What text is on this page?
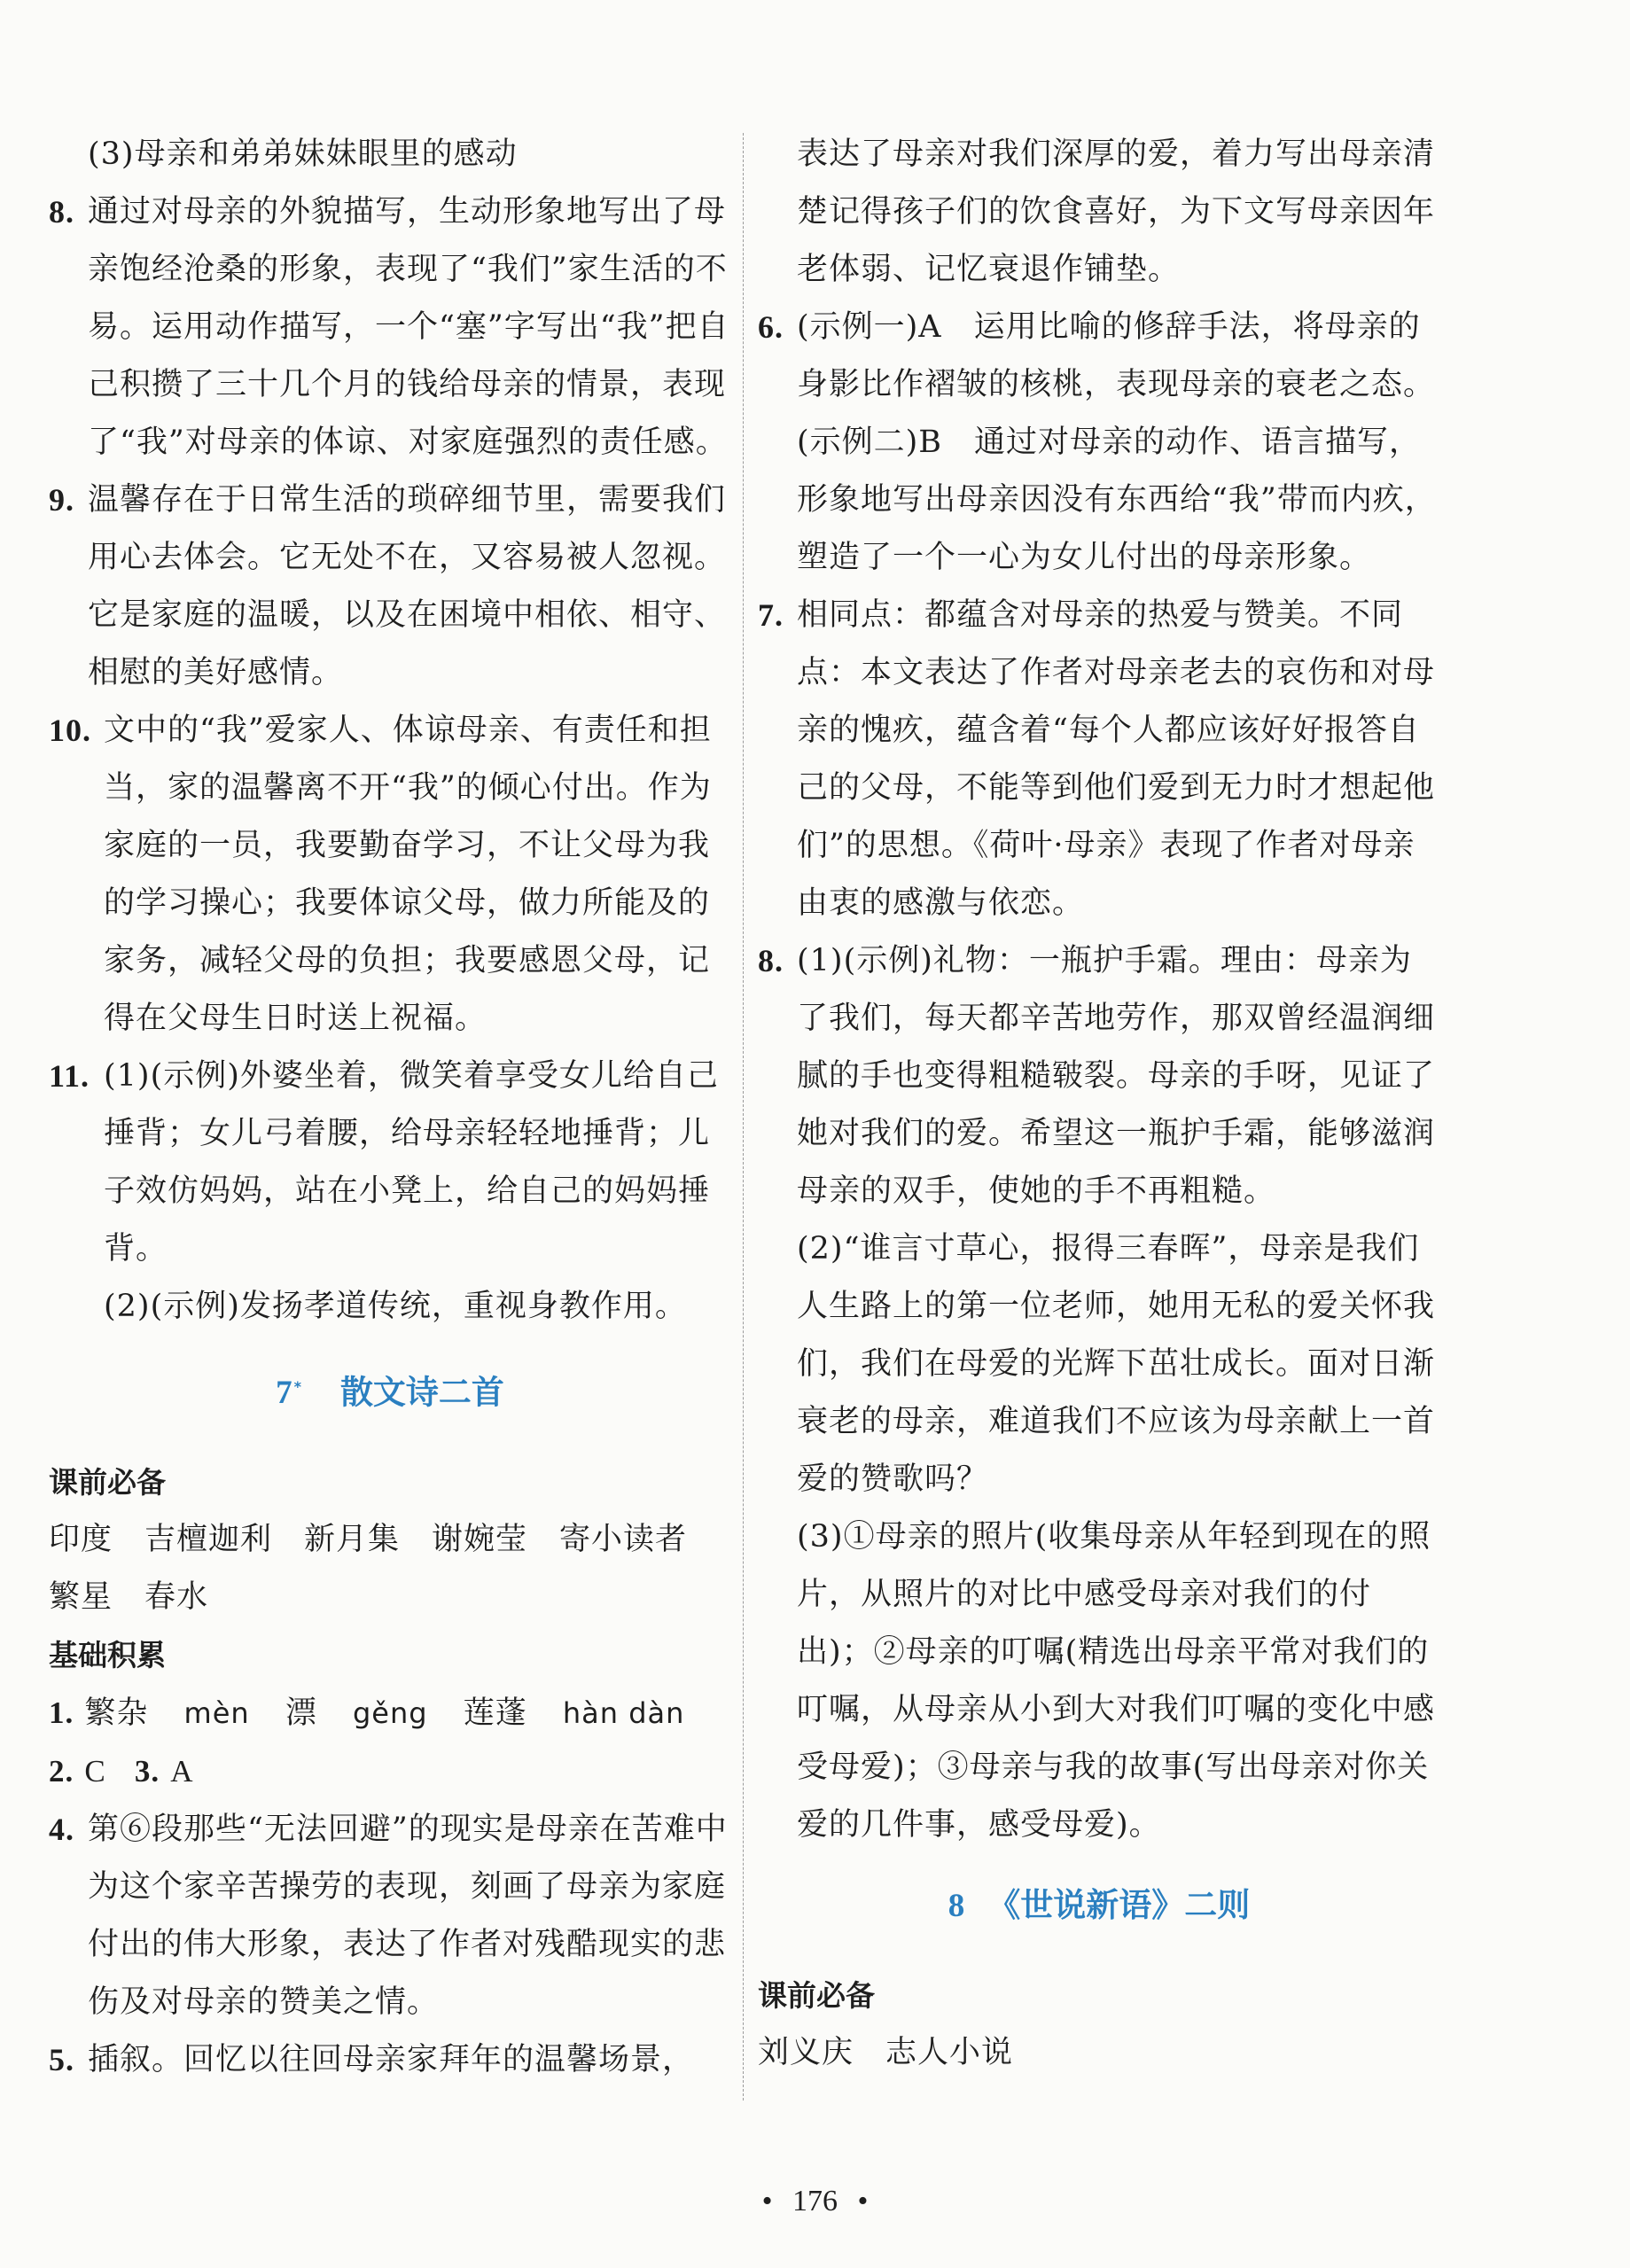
(3)母亲和弟弟妹妹眼里的感动
8. 通过对母亲的外貌描写，生动形象地写出了母亲饱经沧桑的形象，表现了“我们”家生活的不易。运用动作描写，一个“塞”字写出“我”把自己积攒了三十几个月的钱给母亲的情景，表现了“我”对母亲的体谅、对家庭强烈的责任感。
9. 温馨存在于日常生活的琐碎细节里，需要我们用心去体会。它无处不在，又容易被人忽视。它是家庭的温暖，以及在困境中相依、相守、相慰的美好感情。
10. 文中的“我”爱家人、体谅母亲、有责任和担当，家的温馨离不开“我”的倾心付出。作为家庭的一员，我要勤奋学习，不让父母为我的学习操心；我要体谅父母，做力所能及的家务，减轻父母的负担；我要感恩父母，记得在父母生日时送上祝福。
11. (1)(示例)外婆坐着，微笑着享受女儿给自己捶背；女儿弓着腰，给母亲轻轻地捶背；儿子效仿妈妈，站在小凳上，给自己的妈妈捶背。
(2)(示例)发扬孝道传统，重视身教作用。
7 * 散文诗二首
课前必备
印度　吉檀迦利　新月集　谢婉莹　寄小读者　繁星　春水
基础积累
1. 繁杂 mèn 漂 gěng 莲蓬 hàn dàn
2. C 3. A
4. 第⑥段那些“无法回避”的现实是母亲在苦难中为这个家辛苦操劳的表现，刻画了母亲为家庭付出的伟大形象，表达了作者对残酷现实的悲伤及对母亲的赞美之情。
5. 插叙。回忆以往回母亲家拜年的温馨场景，
表达了母亲对我们深厚的爱，着力写出母亲清楚记得孩子们的饮食喜好，为下文写母亲因年老体弱、记忆衰退作铺垫。
6. (示例一)A　运用比喻的修辞手法，将母亲的身影比作褶皱的核桃，表现母亲的衰老之态。　(示例二)B　通过对母亲的动作、语言描写，形象地写出母亲因没有东西给“我”带而内疚，塑造了一个一心为女儿付出的母亲形象。
7. 相同点：都蕴含对母亲的热爱与赞美。不同点：本文表达了作者对母亲老去的哀伤和对母亲的愧疚，蕴含着“每个人都应该好好报答自己的父母，不能等到他们爱到无力时才想起他们”的思想。《荷叶·母亲》表现了作者对母亲由衷的感激与依恋。
8. (1)(示例)礼物：一瓶护手霜。理由：母亲为了我们，每天都辛苦地劳作，那双曾经温润细腻的手也变得粗糙皲裂。母亲的手呀，见证了她对我们的爱。希望这一瓶护手霜，能够滋润母亲的双手，使她的手不再粗糙。
(2)“谁言寸草心，报得三春晖”，母亲是我们人生路上的第一位老师，她用无私的爱关怀我们，我们在母爱的光辉下茁壮成长。面对日渐衰老的母亲，难道我们不应该为母亲献上一首爱的赞歌吗？
(3)①母亲的照片(收集母亲从年轻到现在的照片，从照片的对比中感受母亲对我们的付出)；②母亲的叮嘱(精选出母亲平常对我们的叮嘱，从母亲从小到大对我们叮嘱的变化中感受母爱)；③母亲与我的故事(写出母亲对你关爱的几件事，感受母爱)。
8 《世说新语》二则
课前必备
刘义庆　志人小说
• 176 •
